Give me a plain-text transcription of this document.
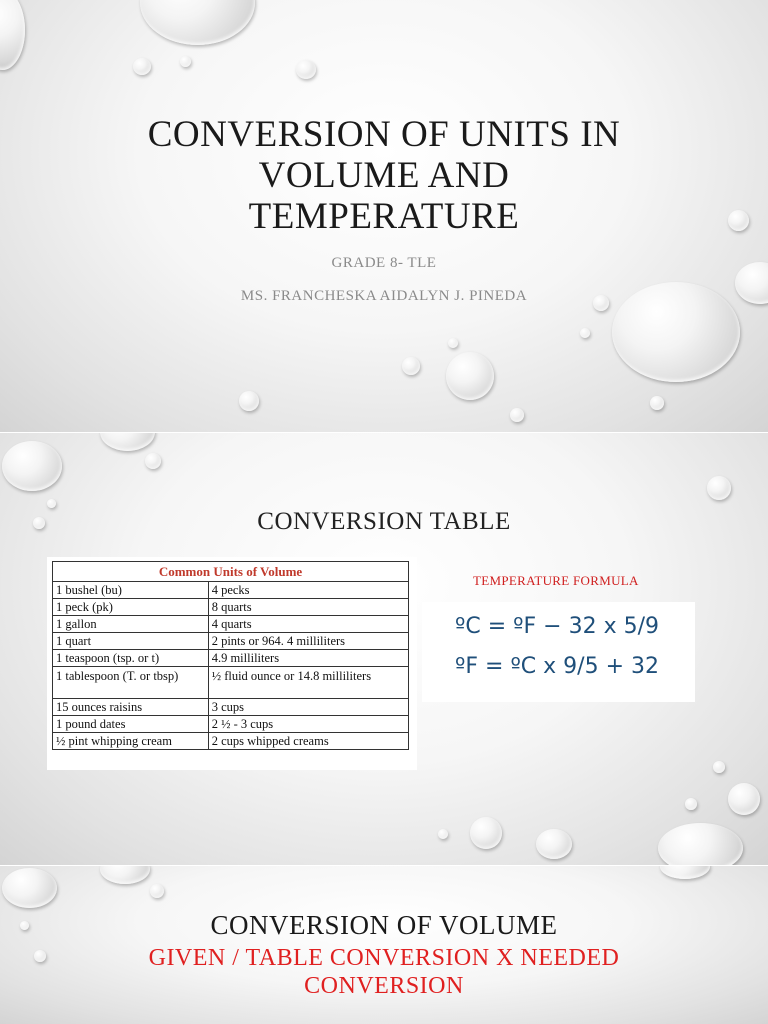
CONVERSION OF UNITS IN
VOLUME AND
TEMPERATURE
GRADE 8- TLE
MS. FRANCHESKA AIDALYN J. PINEDA
CONVERSION TABLE
Common Units of Volume	
1 bushel (bu)	4 pecks
1 peck (pk)	8 quarts
1 gallon	4 quarts
1 quart	2 pints or 964. 4 milliliters
1 teaspoon (tsp. or t)	4.9 milliliters
1 tablespoon (T. or tbsp)	½ fluid ounce or 14.8 milliliters
15 ounces raisins	3 cups
1 pound dates	2 ½ - 3 cups
½ pint whipping cream	2 cups whipped creams
TEMPERATURE FORMULA
ºC = ºF − 32 x 5/9
ºF = ºC x 9/5 + 32
CONVERSION OF VOLUME
GIVEN / TABLE CONVERSION X NEEDED
CONVERSION
